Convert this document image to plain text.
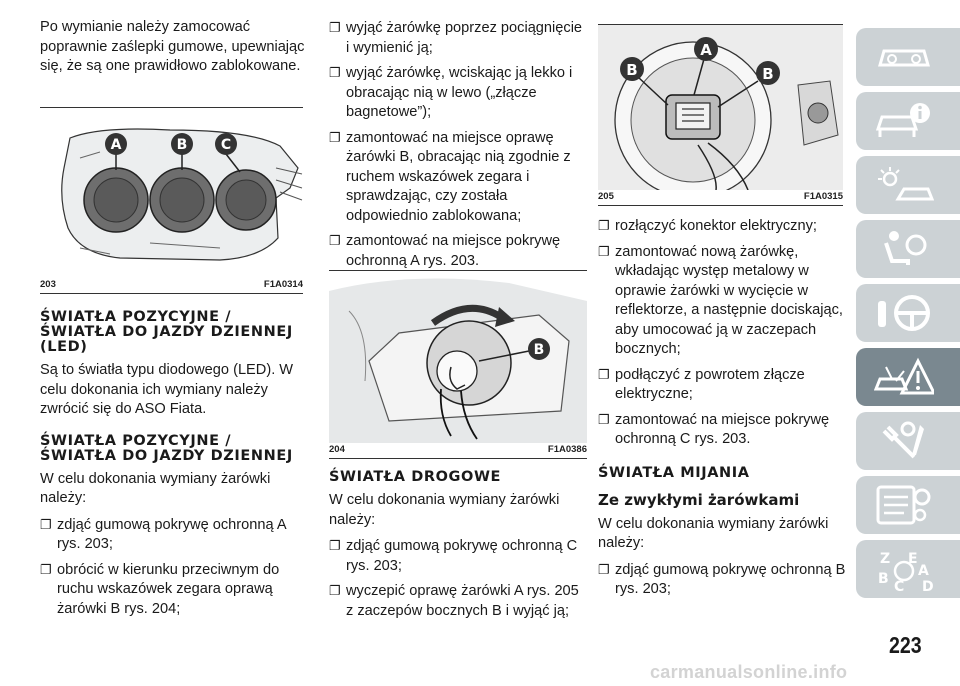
Po wymianie należy zamocować poprawnie zaślepki gumowe, upewniając się, że są one prawidłowo zablokowane.

A	B C
203	F1A0314
ŚWIATŁA POZYCYJNE / ŚWIATŁA DO JAZDY DZIENNEJ (LED)

Są to światła typu diodowego (LED). W celu dokonania ich wymiany należy zwrócić się do ASO Fiata.

ŚWIATŁA POZYCYJNE / ŚWIATŁA DO JAZDY DZIENNEJ

W celu dokonania wymiany żarówki należy:

❐ zdjąć gumową pokrywę ochronną A rys. 203;
❐ obrócić w kierunku przeciwnym do ruchu wskazówek zegara oprawą żarówki B rys. 204;
❐ wyjąć żarówkę poprzez pociągnięcie i wymienić ją;
❐ wyjąć żarówkę, wciskając ją lekko i obracając nią w lewo („złącze bagnetowe”);
❐ zamontować na miejsce oprawę żarówki B, obracając nią zgodnie z ruchem wskazówek zegara i sprawdzając, czy została odpowiednio zablokowana;
❐ zamontować na miejsce pokrywę ochronną A rys. 203.
B
204	F1A0386
ŚWIATŁA DROGOWE

W celu dokonania wymiany żarówki należy:

❐ zdjąć gumową pokrywę ochronną C rys. 203;
❐ wyczepić oprawę żarówki A rys. 205 z zaczepów bocznych B i wyjąć ją;
B
A
B
205	F1A0315
❐ rozłączyć konektor elektryczny;
❐ zamontować nową żarówkę, wkładając występ metalowy w oprawie żarówki w wycięcie w reflektorze, a następnie dociskając, aby umocować ją w zaczepach bocznych;
❐ podłączyć z powrotem złącze elektryczne;
❐ zamontować na miejsce pokrywę ochronną C rys. 203.
ŚWIATŁA MIJANIA
Ze zwykłymi żarówkami

W celu dokonania wymiany żarówki należy:

❐ zdjąć gumową pokrywę ochronną B rys. 203;
Z E
A
B C D
223
carmanualsonline.info
